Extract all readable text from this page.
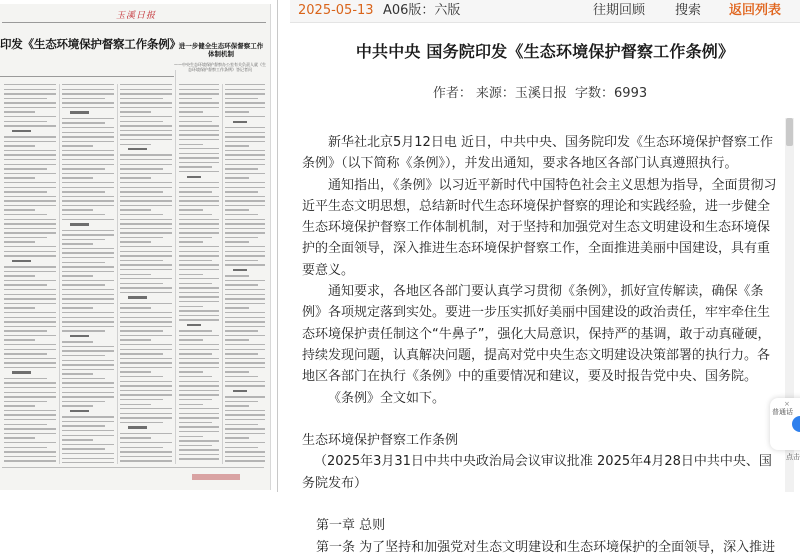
玉溪日报
印发《生态环境保护督察工作条例》
进一步健全生态环保督察工作体制机制
——中央生态环境保护督察办公室有关负责人就《生态环境保护督察工作条例》答记者问
2025-05-13 A06版：六版	往期回顾 搜索 返回列表
中共中央 国务院印发《生态环境保护督察工作条例》
作者： 来源：玉溪日报 字数：6993

新华社北京5月12日电 近日，中共中央、国务院印发《生态环境保护督察工作条例》（以下简称《条例》），并发出通知，要求各地区各部门认真遵照执行。

通知指出，《条例》以习近平新时代中国特色社会主义思想为指导，全面贯彻习近平生态文明思想，总结新时代生态环境保护督察的理论和实践经验，进一步健全生态环境保护督察工作体制机制，对于坚持和加强党对生态文明建设和生态环境保护的全面领导，深入推进生态环境保护督察工作，全面推进美丽中国建设，具有重要意义。

通知要求，各地区各部门要认真学习贯彻《条例》，抓好宣传解读，确保《条例》各项规定落到实处。要进一步压实抓好美丽中国建设的政治责任，牢牢牵住生态环境保护责任制这个“牛鼻子”，强化大局意识，保持严的基调，敢于动真碰硬，持续发现问题，认真解决问题，提高对党中央生态文明建设决策部署的执行力。各地区各部门在执行《条例》中的重要情况和建议，要及时报告党中央、国务院。

《条例》全文如下。

生态环境保护督察工作条例

（2025年3月31日中共中央政治局会议审议批准 2025年4月28日中共中央、国务院发布）

第一章 总则

第一条 为了坚持和加强党对生态文明建设和生态环境保护的全面领导，深入推进

×
普通话
点击
